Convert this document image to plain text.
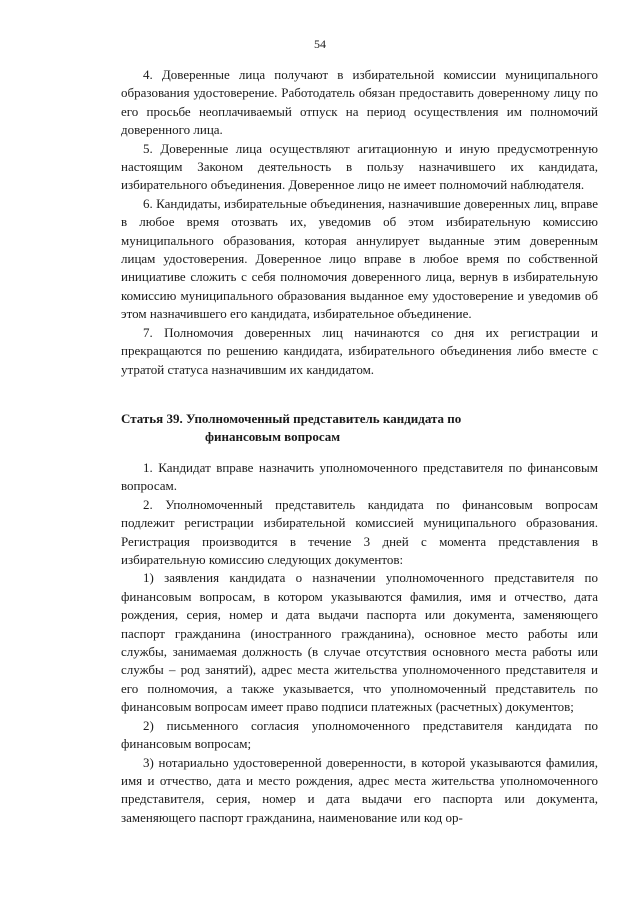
54

4. Доверенные лица получают в избирательной комиссии муниципального образования удостоверение. Работодатель обязан предоставить доверенному лицу по его просьбе неоплачиваемый отпуск на период осуществления им полномочий доверенного лица.

5. Доверенные лица осуществляют агитационную и иную предусмотренную настоящим Законом деятельность в пользу назначившего их кандидата, избирательного объединения. Доверенное лицо не имеет полномочий наблюдателя.

6. Кандидаты, избирательные объединения, назначившие доверенных лиц, вправе в любое время отозвать их, уведомив об этом избирательную комиссию муниципального образования, которая аннулирует выданные этим доверенным лицам удостоверения. Доверенное лицо вправе в любое время по собственной инициативе сложить с себя полномочия доверенного лица, вернув в избирательную комиссию муниципального образования выданное ему удостоверение и уведомив об этом назначившего его кандидата, избирательное объединение.

7. Полномочия доверенных лиц начинаются со дня их регистрации и прекращаются по решению кандидата, избирательного объединения либо вместе с утратой статуса назначившим их кандидатом.

Статья 39. Уполномоченный представитель кандидата по
финансовым вопросам

1. Кандидат вправе назначить уполномоченного представителя по финансовым вопросам.

2. Уполномоченный представитель кандидата по финансовым вопросам подлежит регистрации избирательной комиссией муниципального образования. Регистрация производится в течение 3 дней с момента представления в избирательную комиссию следующих документов:

1) заявления кандидата о назначении уполномоченного представителя по финансовым вопросам, в котором указываются фамилия, имя и отчество, дата рождения, серия, номер и дата выдачи паспорта или документа, заменяющего паспорт гражданина (иностранного гражданина), основное место работы или службы, занимаемая должность (в случае отсутствия основного места работы или службы – род занятий), адрес места жительства уполномоченного представителя и его полномочия, а также указывается, что уполномоченный представитель по финансовым вопросам имеет право подписи платежных (расчетных) документов;

2) письменного согласия уполномоченного представителя кандидата по финансовым вопросам;

3) нотариально удостоверенной доверенности, в которой указываются фамилия, имя и отчество, дата и место рождения, адрес места жительства уполномоченного представителя, серия, номер и дата выдачи его паспорта или документа, заменяющего паспорт гражданина, наименование или код ор-
